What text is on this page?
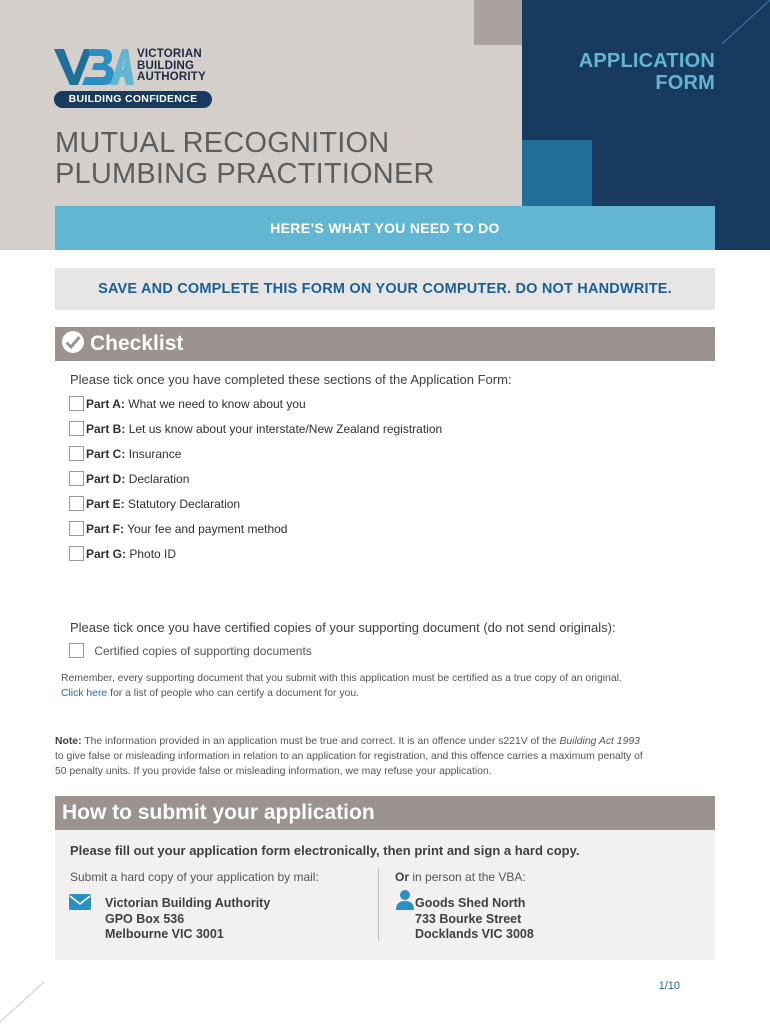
APPLICATION
FORM
VICTORIAN
BUILDING
AUTHORITY
BUILDING CONFIDENCE
MUTUAL RECOGNITION
PLUMBING PRACTITIONER
HERE’S WHAT YOU NEED TO DO
SAVE AND COMPLETE THIS FORM ON YOUR COMPUTER. DO NOT HANDWRITE.
Checklist
Please tick once you have completed these sections of the Application Form:
Part A: What we need to know about you
Part B: Let us know about your interstate/New Zealand registration
Part C: Insurance
Part D: Declaration
Part E: Statutory Declaration
Part F: Your fee and payment method
Part G: Photo ID
Please tick once you have certified copies of your supporting document (do not send originals):
Certified copies of supporting documents
Remember, every supporting document that you submit with this application must be certified as a true copy of an original.
Click here for a list of people who can certify a document for you.
Note: The information provided in an application must be true and correct. It is an offence under s221V of the Building Act 1993
to give false or misleading information in relation to an application for registration, and this offence carries a maximum penalty of
50 penalty units. If you provide false or misleading information, we may refuse your application.
How to submit your application
Please fill out your application form electronically, then print and sign a hard copy.
Submit a hard copy of your application by mail:	Or in person at the VBA:
Victorian Building Authority
GPO Box 536
Melbourne VIC 3001
Goods Shed North
733 Bourke Street
Docklands VIC 3008
1/10
